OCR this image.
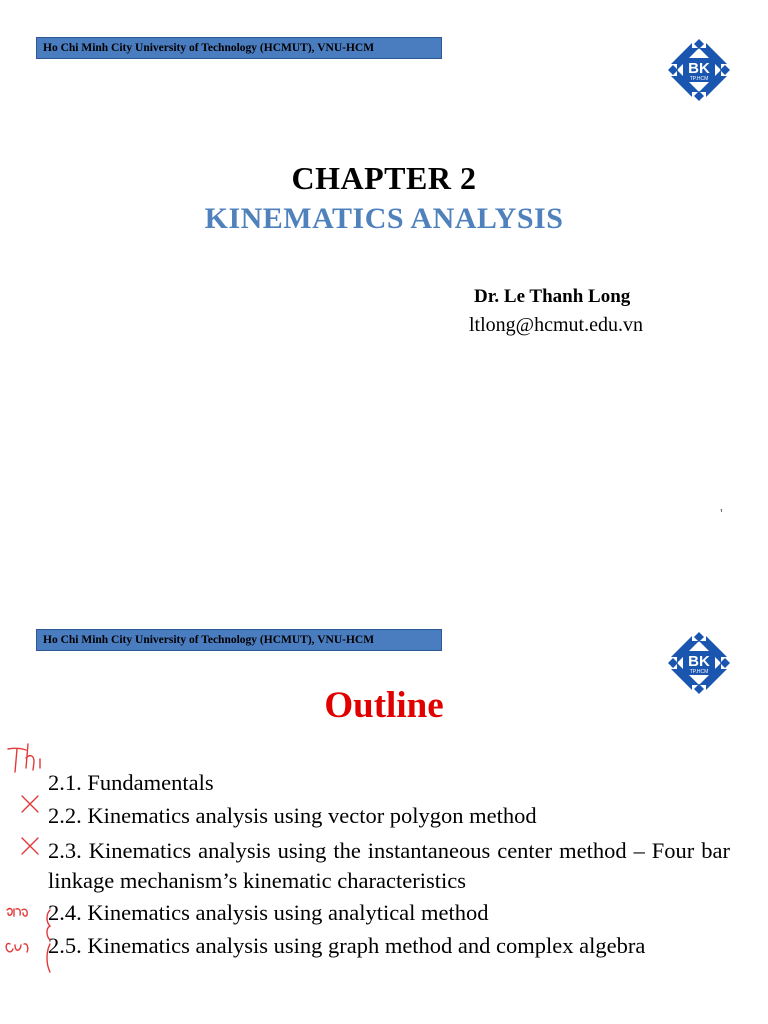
Ho Chi Minh City University of Technology (HCMUT), VNU-HCM
BK
TP.HCM
CHAPTER 2
KINEMATICS ANALYSIS
Dr. Le Thanh Long
ltlong@hcmut.edu.vn
Ho Chi Minh City University of Technology (HCMUT), VNU-HCM
BK
TP.HCM
Outline
2.1. Fundamentals
2.2. Kinematics analysis using vector polygon method
2.3. Kinematics analysis using the instantaneous center method – Four bar linkage mechanism’s kinematic characteristics
2.4. Kinematics analysis using analytical method
2.5. Kinematics analysis using graph method and complex algebra
